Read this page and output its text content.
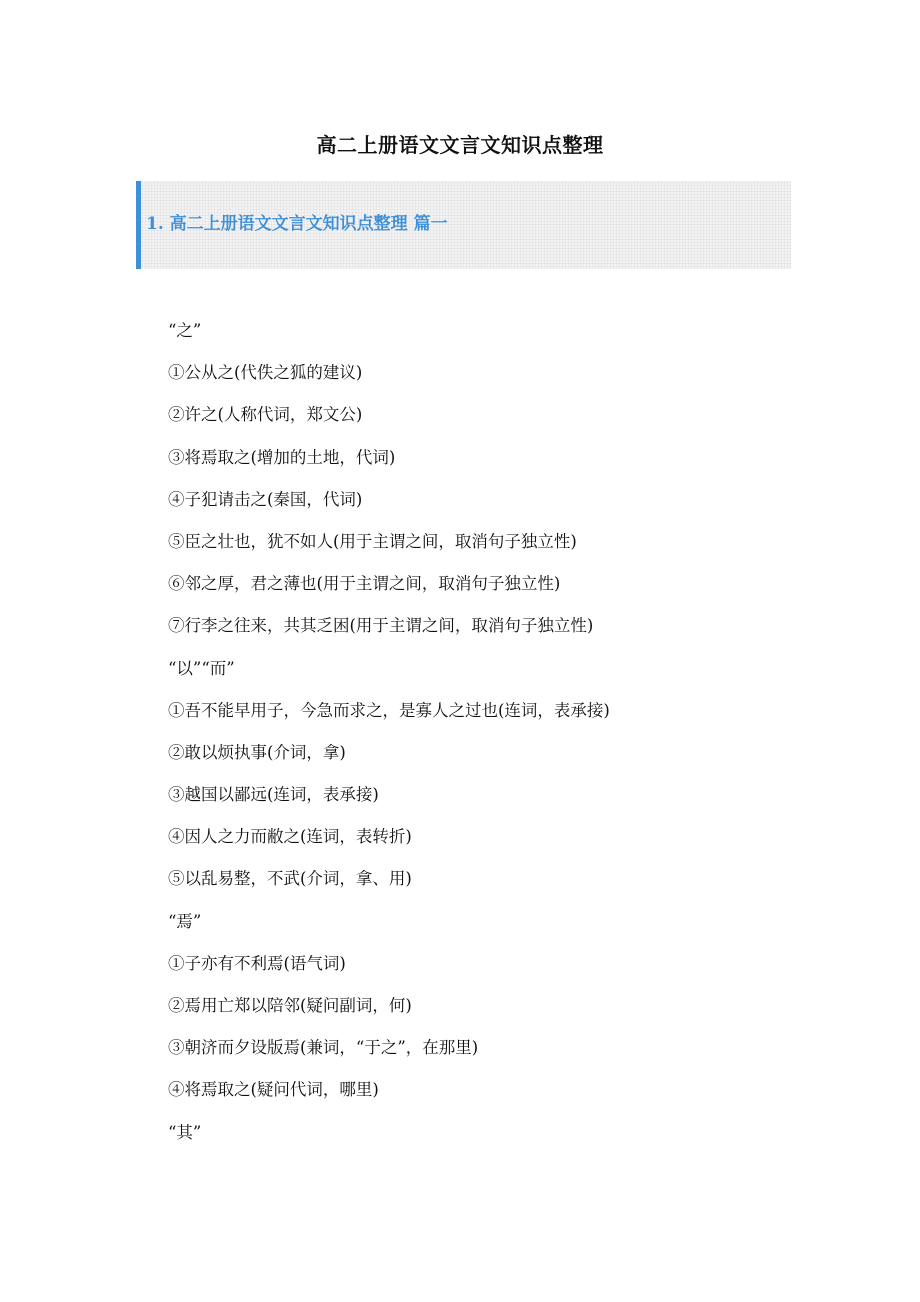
高二上册语文文言文知识点整理
1. 高二上册语文文言文知识点整理 篇一
“之”
①公从之(代佚之狐的建议)
②许之(人称代词，郑文公)
③将焉取之(增加的土地，代词)
④子犯请击之(秦国，代词)
⑤臣之壮也，犹不如人(用于主谓之间，取消句子独立性)
⑥邻之厚，君之薄也(用于主谓之间，取消句子独立性)
⑦行李之往来，共其乏困(用于主谓之间，取消句子独立性)
“以”“而”
①吾不能早用子，今急而求之，是寡人之过也(连词，表承接)
②敢以烦执事(介词，拿)
③越国以鄙远(连词，表承接)
④因人之力而敝之(连词，表转折)
⑤以乱易整，不武(介词，拿、用)
“焉”
①子亦有不利焉(语气词)
②焉用亡郑以陪邻(疑问副词，何)
③朝济而夕设版焉(兼词，“于之”，在那里)
④将焉取之(疑问代词，哪里)
“其”
